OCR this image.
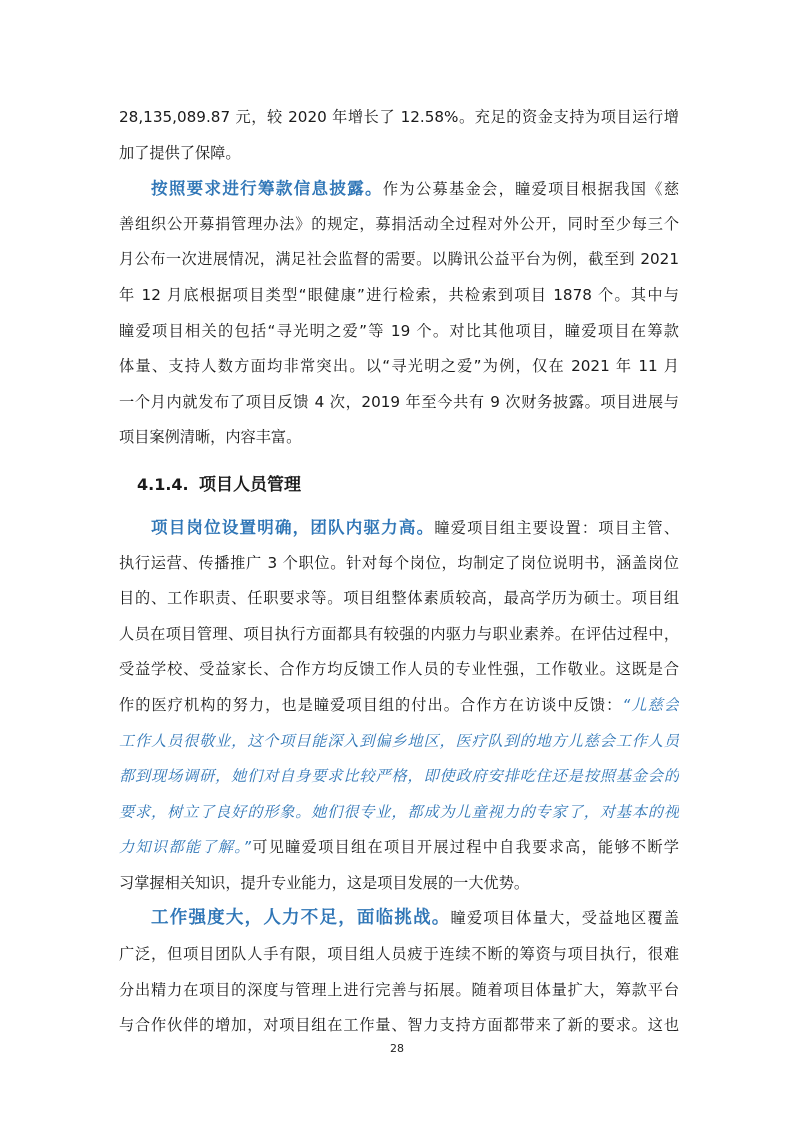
28,135,089.87 元，较 2020 年增长了 12.58%。充足的资金支持为项目运行增
加了提供了保障。
按照要求进行筹款信息披露。作为公募基金会，瞳爱项目根据我国《慈
善组织公开募捐管理办法》的规定，募捐活动全过程对外公开，同时至少每三个
月公布一次进展情况，满足社会监督的需要。以腾讯公益平台为例，截至到 2021
年 12 月底根据项目类型“眼健康”进行检索，共检索到项目 1878 个。其中与
瞳爱项目相关的包括“寻光明之爱”等 19 个。对比其他项目，瞳爱项目在筹款
体量、支持人数方面均非常突出。以“寻光明之爱”为例，仅在 2021 年 11 月
一个月内就发布了项目反馈 4 次，2019 年至今共有 9 次财务披露。项目进展与
项目案例清晰，内容丰富。
4.1.4. 项目人员管理
项目岗位设置明确，团队内驱力高。瞳爱项目组主要设置：项目主管、
执行运营、传播推广 3 个职位。针对每个岗位，均制定了岗位说明书，涵盖岗位
目的、工作职责、任职要求等。项目组整体素质较高，最高学历为硕士。项目组
人员在项目管理、项目执行方面都具有较强的内驱力与职业素养。在评估过程中，
受益学校、受益家长、合作方均反馈工作人员的专业性强，工作敬业。这既是合
作的医疗机构的努力，也是瞳爱项目组的付出。合作方在访谈中反馈：“儿慈会
工作人员很敬业，这个项目能深入到偏乡地区，医疗队到的地方儿慈会工作人员
都到现场调研，她们对自身要求比较严格，即使政府安排吃住还是按照基金会的
要求，树立了良好的形象。她们很专业，都成为儿童视力的专家了，对基本的视
力知识都能了解。”可见瞳爱项目组在项目开展过程中自我要求高，能够不断学
习掌握相关知识，提升专业能力，这是项目发展的一大优势。
工作强度大，人力不足，面临挑战。瞳爱项目体量大，受益地区覆盖
广泛，但项目团队人手有限，项目组人员疲于连续不断的筹资与项目执行，很难
分出精力在项目的深度与管理上进行完善与拓展。随着项目体量扩大，筹款平台
与合作伙伴的增加，对项目组在工作量、智力支持方面都带来了新的要求。这也
28
